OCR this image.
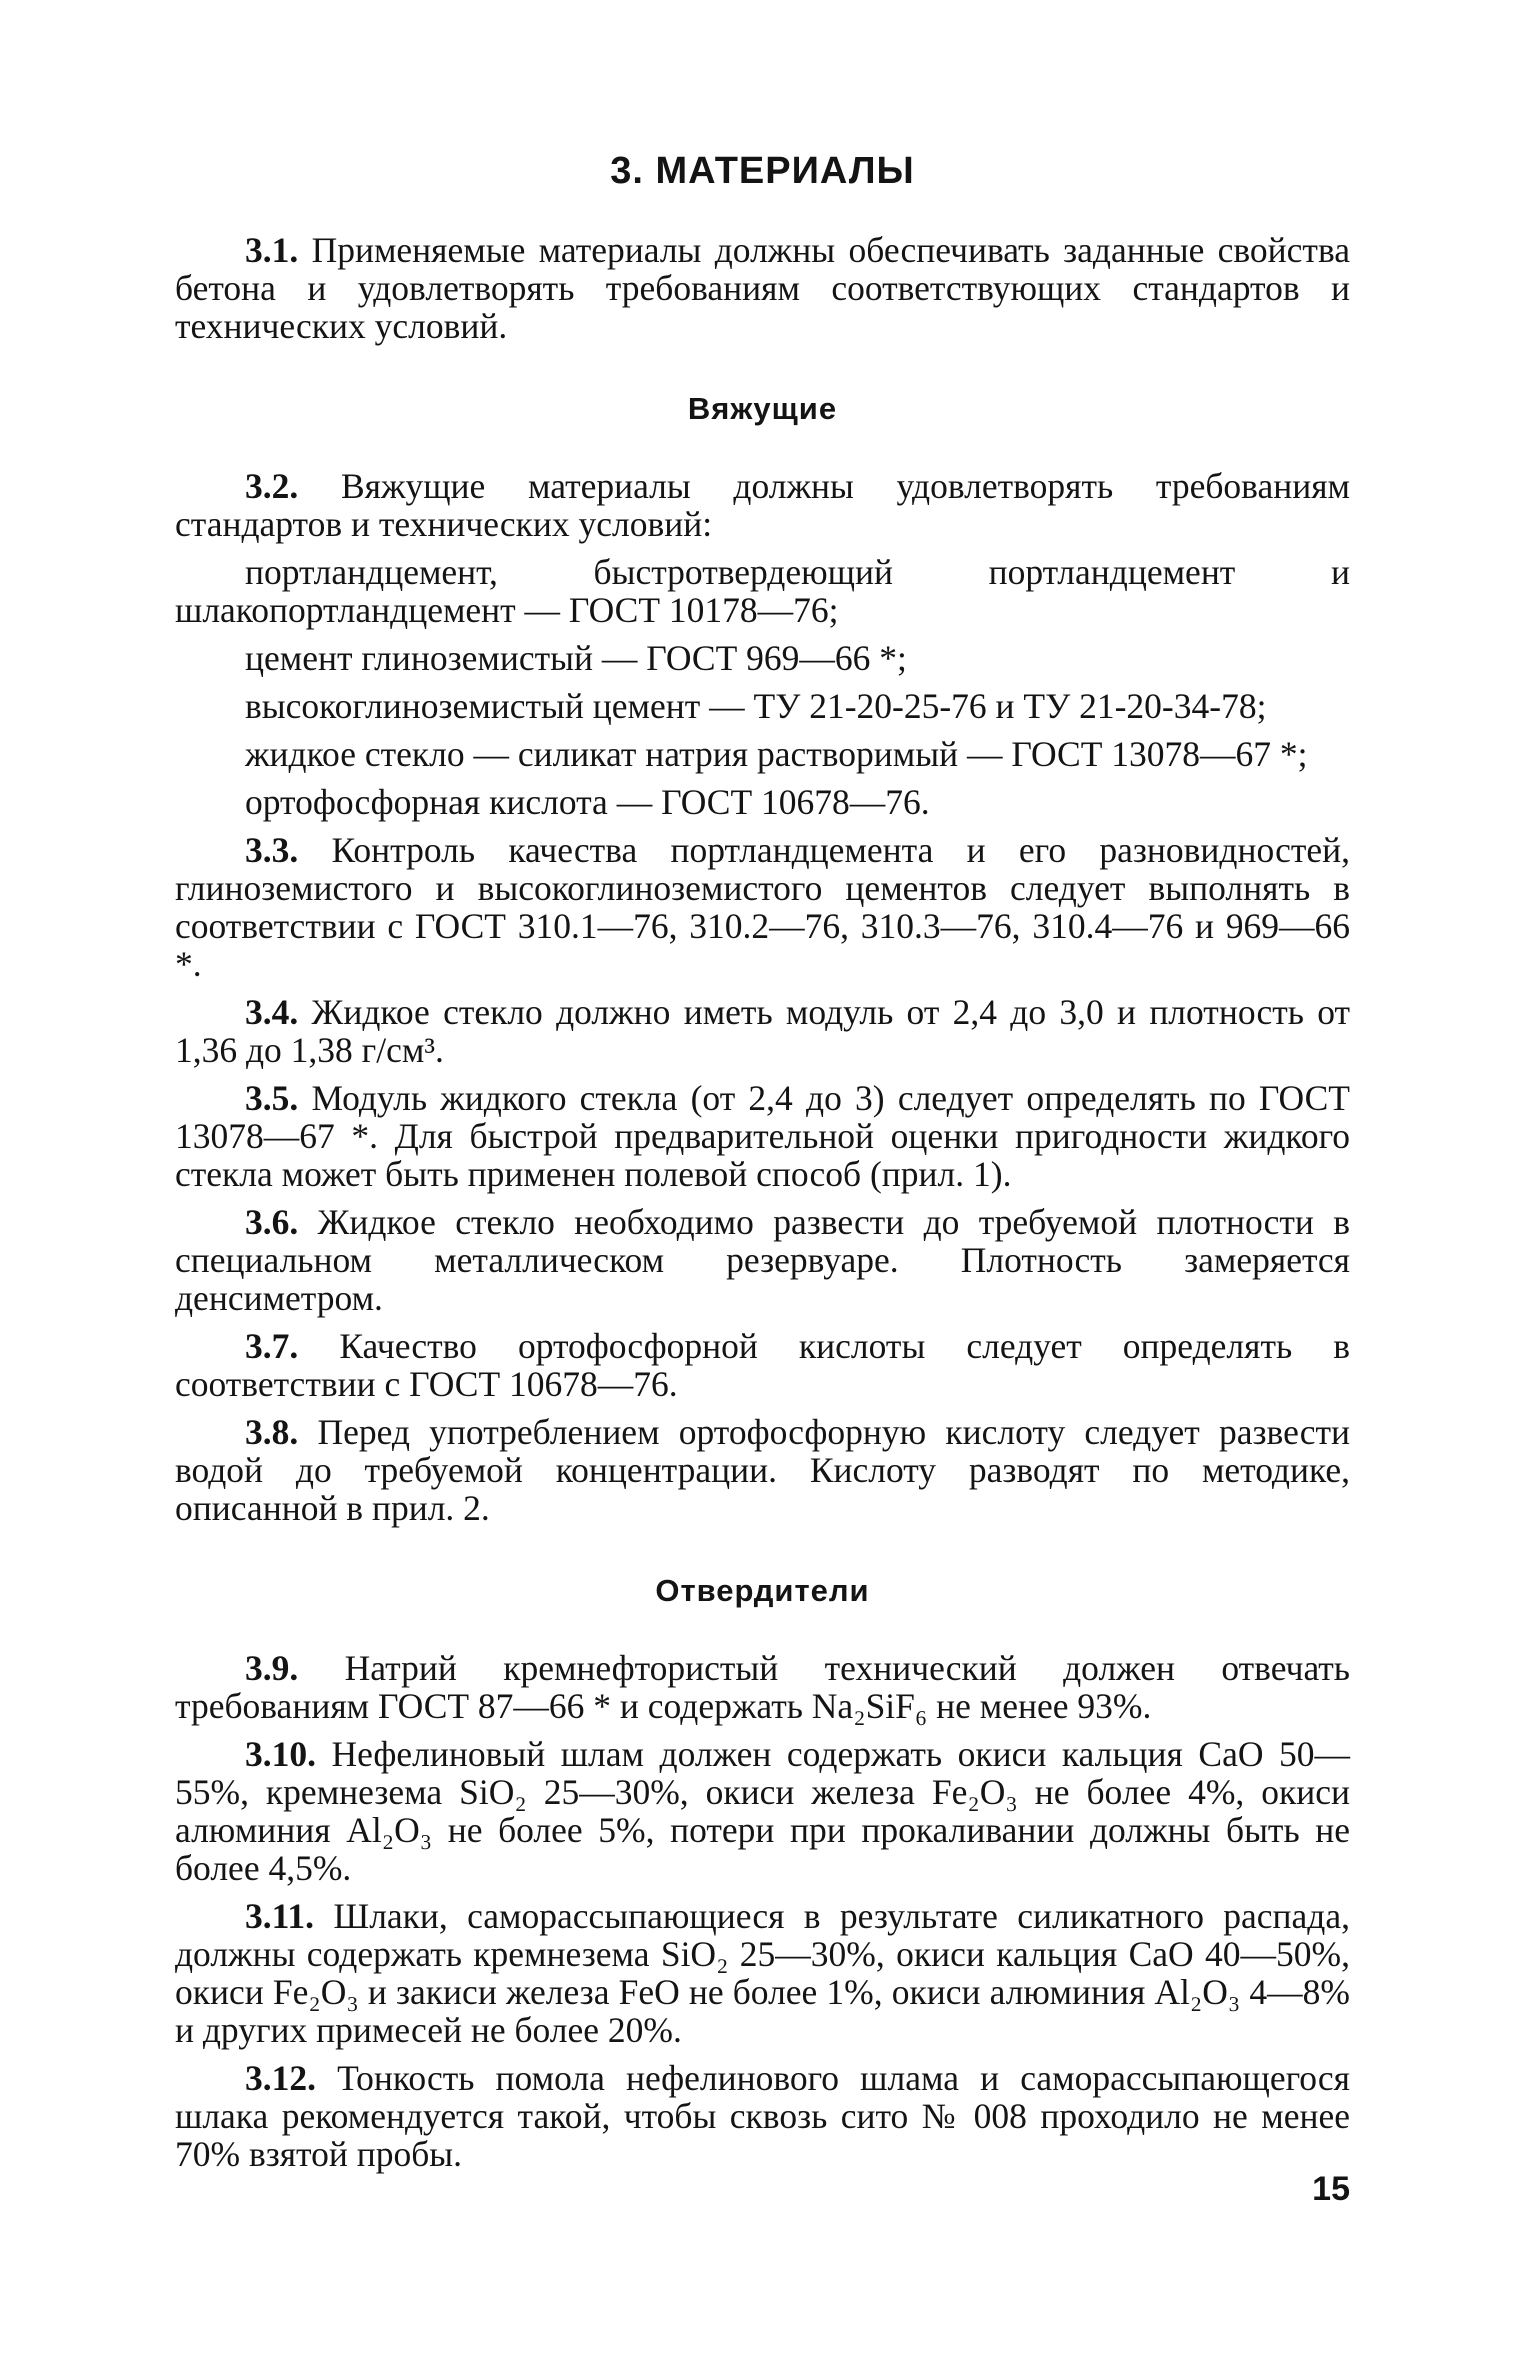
3. МАТЕРИАЛЫ

3.1. Применяемые материалы должны обеспечивать заданные свойства бетона и удовлетворять требованиям соответствующих стандартов и технических условий.

Вяжущие

3.2. Вяжущие материалы должны удовлетворять требованиям стандартов и технических условий:

портландцемент, быстротвердеющий портландцемент и шлакопортландцемент — ГОСТ 10178—76;

цемент глиноземистый — ГОСТ 969—66 *;

высокоглиноземистый цемент — ТУ 21-20-25-76 и ТУ 21-20-34-78;

жидкое стекло — силикат натрия растворимый — ГОСТ 13078—67 *;

ортофосфорная кислота — ГОСТ 10678—76.

3.3. Контроль качества портландцемента и его разновидностей, глиноземистого и высокоглиноземистого цементов следует выполнять в соответствии с ГОСТ 310.1—76, 310.2—76, 310.3—76, 310.4—76 и 969—66 *.

3.4. Жидкое стекло должно иметь модуль от 2,4 до 3,0 и плотность от 1,36 до 1,38 г/см³.

3.5. Модуль жидкого стекла (от 2,4 до 3) следует определять по ГОСТ 13078—67 *. Для быстрой предварительной оценки пригодности жидкого стекла может быть применен полевой способ (прил. 1).

3.6. Жидкое стекло необходимо развести до требуемой плотности в специальном металлическом резервуаре. Плотность замеряется денсиметром.

3.7. Качество ортофосфорной кислоты следует определять в соответствии с ГОСТ 10678—76.

3.8. Перед употреблением ортофосфорную кислоту следует развести водой до требуемой концентрации. Кислоту разводят по методике, описанной в прил. 2.

Отвердители

3.9. Натрий кремнефтористый технический должен отвечать требованиям ГОСТ 87—66 * и содержать Na₂SiF₆ не менее 93%.

3.10. Нефелиновый шлам должен содержать окиси кальция CaO 50—55%, кремнезема SiO₂ 25—30%, окиси железа Fe₂O₃ не более 4%, окиси алюминия Al₂O₃ не более 5%, потери при прокаливании должны быть не более 4,5%.

3.11. Шлаки, саморассыпающиеся в результате силикатного распада, должны содержать кремнезема SiO₂ 25—30%, окиси кальция CaO 40—50%, окиси Fe₂O₃ и закиси железа FeO не более 1%, окиси алюминия Al₂O₃ 4—8% и других примесей не более 20%.

3.12. Тонкость помола нефелинового шлама и саморассыпающегося шлака рекомендуется такой, чтобы сквозь сито № 008 проходило не менее 70% взятой пробы.

15
